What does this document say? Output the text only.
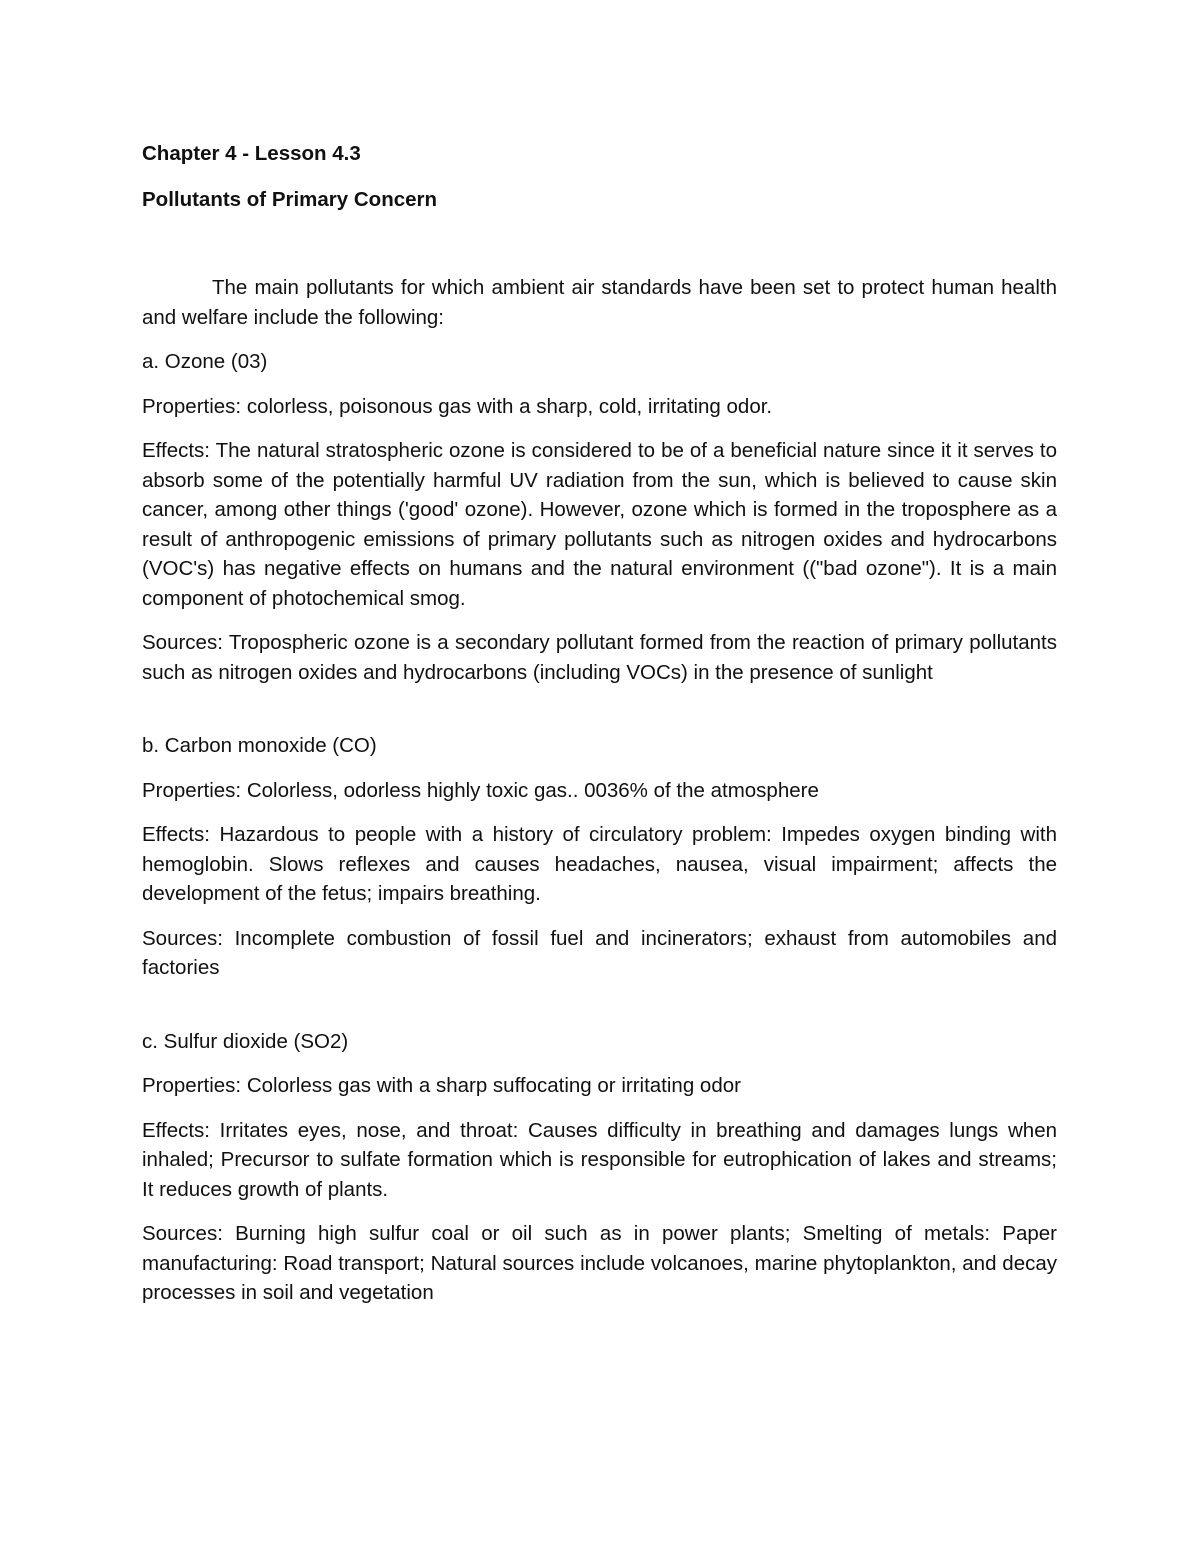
Chapter 4 - Lesson 4.3

Pollutants of Primary Concern

The main pollutants for which ambient air standards have been set to protect human health and welfare include the following:

a. Ozone (03)

Properties: colorless, poisonous gas with a sharp, cold, irritating odor.

Effects: The natural stratospheric ozone is considered to be of a beneficial nature since it it serves to absorb some of the potentially harmful UV radiation from the sun, which is believed to cause skin cancer, among other things ('good' ozone). However, ozone which is formed in the troposphere as a result of anthropogenic emissions of primary pollutants such as nitrogen oxides and hydrocarbons (VOC's) has negative effects on humans and the natural environment (("bad ozone"). It is a main component of photochemical smog.

Sources: Tropospheric ozone is a secondary pollutant formed from the reaction of primary pollutants such as nitrogen oxides and hydrocarbons (including VOCs) in the presence of sunlight

b. Carbon monoxide (CO)

Properties: Colorless, odorless highly toxic gas.. 0036% of the atmosphere

Effects: Hazardous to people with a history of circulatory problem: Impedes oxygen binding with hemoglobin. Slows reflexes and causes headaches, nausea, visual impairment; affects the development of the fetus; impairs breathing.

Sources: Incomplete combustion of fossil fuel and incinerators; exhaust from automobiles and factories

c. Sulfur dioxide (SO2)

Properties: Colorless gas with a sharp suffocating or irritating odor

Effects: Irritates eyes, nose, and throat: Causes difficulty in breathing and damages lungs when inhaled; Precursor to sulfate formation which is responsible for eutrophication of lakes and streams; It reduces growth of plants.

Sources: Burning high sulfur coal or oil such as in power plants; Smelting of metals: Paper manufacturing: Road transport; Natural sources include volcanoes, marine phytoplankton, and decay processes in soil and vegetation
